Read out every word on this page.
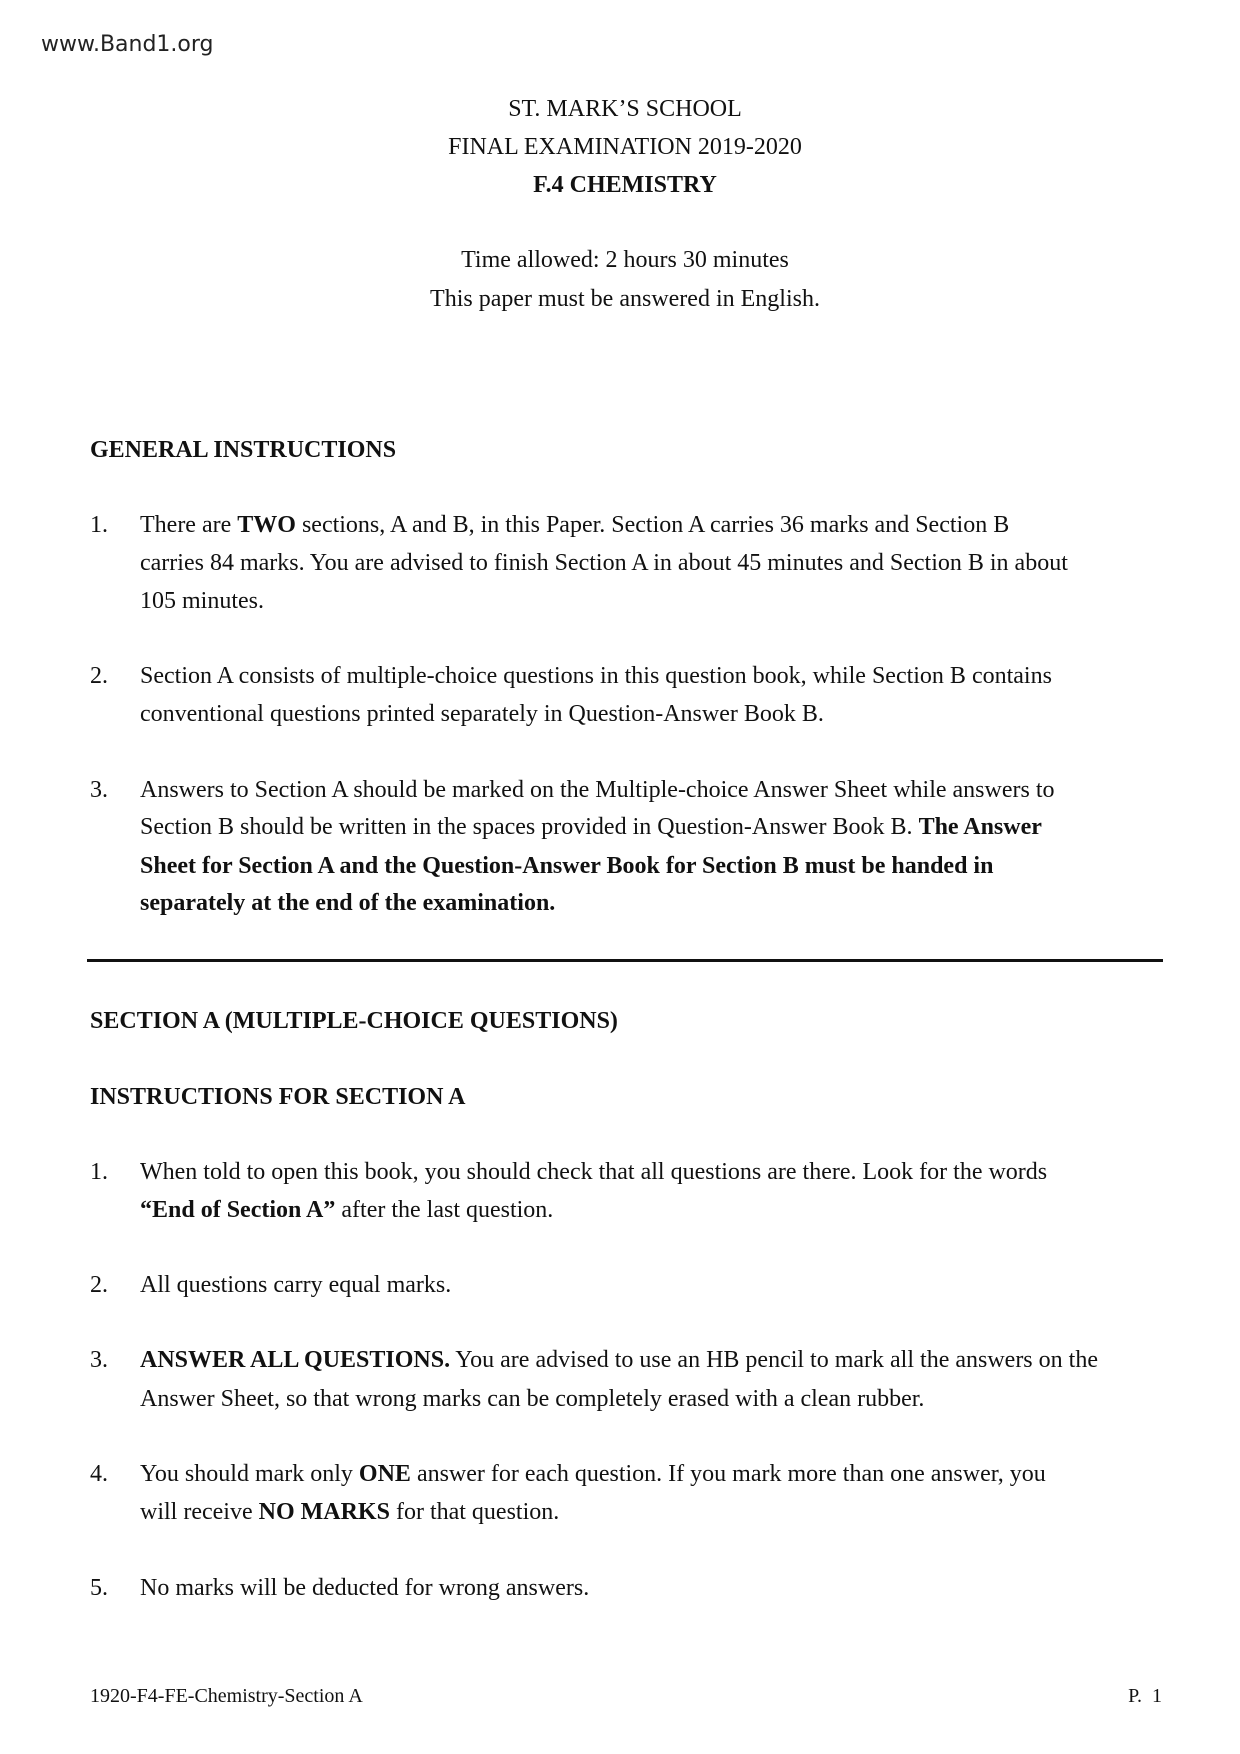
www.Band1.org
ST. MARK’S SCHOOL
FINAL EXAMINATION 2019-2020
F.4 CHEMISTRY
Time allowed: 2 hours 30 minutes
This paper must be answered in English.
GENERAL INSTRUCTIONS
1. There are TWO sections, A and B, in this Paper. Section A carries 36 marks and Section B
carries 84 marks. You are advised to finish Section A in about 45 minutes and Section B in about
105 minutes.
2. Section A consists of multiple-choice questions in this question book, while Section B contains
conventional questions printed separately in Question-Answer Book B.
3. Answers to Section A should be marked on the Multiple-choice Answer Sheet while answers to
Section B should be written in the spaces provided in Question-Answer Book B. The Answer
Sheet for Section A and the Question-Answer Book for Section B must be handed in
separately at the end of the examination.
SECTION A (MULTIPLE-CHOICE QUESTIONS)
INSTRUCTIONS FOR SECTION A
1. When told to open this book, you should check that all questions are there. Look for the words
“End of Section A” after the last question.
2. All questions carry equal marks.
3. ANSWER ALL QUESTIONS. You are advised to use an HB pencil to mark all the answers on the
Answer Sheet, so that wrong marks can be completely erased with a clean rubber.
4. You should mark only ONE answer for each question. If you mark more than one answer, you
will receive NO MARKS for that question.
5. No marks will be deducted for wrong answers.
1920-F4-FE-Chemistry-Section A	P.  1
